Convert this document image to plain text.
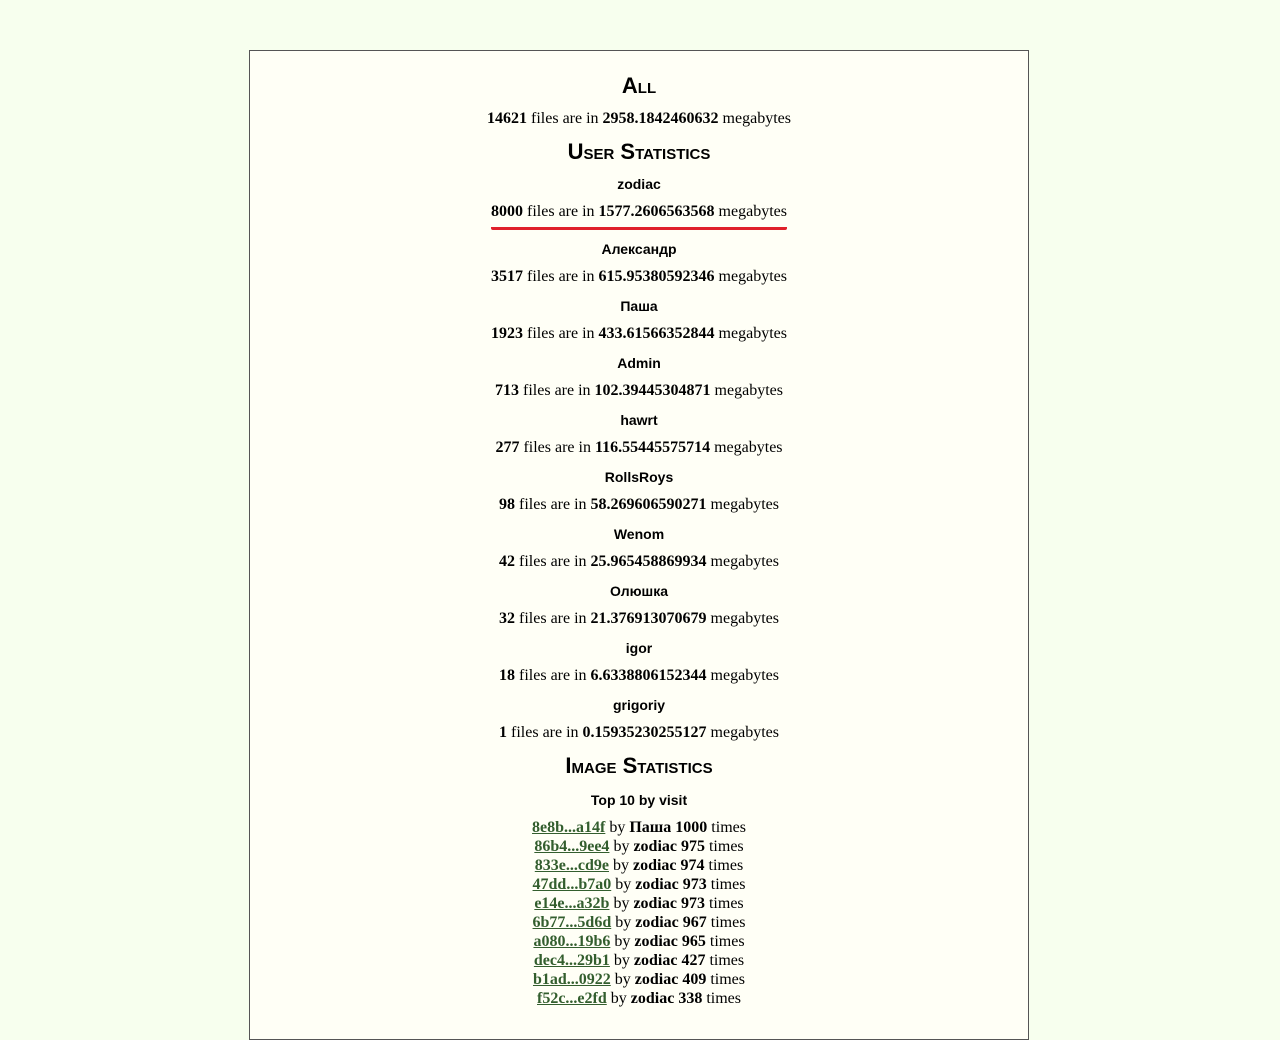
All
14621 files are in 2958.1842460632 megabytes
User Statistics
zodiac
8000 files are in 1577.2606563568 megabytes
Александр
3517 files are in 615.95380592346 megabytes
Паша
1923 files are in 433.61566352844 megabytes
Admin
713 files are in 102.39445304871 megabytes
hawrt
277 files are in 116.55445575714 megabytes
RollsRoys
98 files are in 58.269606590271 megabytes
Wenom
42 files are in 25.965458869934 megabytes
Олюшка
32 files are in 21.376913070679 megabytes
igor
18 files are in 6.6338806152344 megabytes
grigoriy
1 files are in 0.15935230255127 megabytes
Image Statistics
Top 10 by visit
8e8b...a14f by Паша 1000 times
86b4...9ee4 by zodiac 975 times
833e...cd9e by zodiac 974 times
47dd...b7a0 by zodiac 973 times
e14e...a32b by zodiac 973 times
6b77...5d6d by zodiac 967 times
a080...19b6 by zodiac 965 times
dec4...29b1 by zodiac 427 times
b1ad...0922 by zodiac 409 times
f52c...e2fd by zodiac 338 times
